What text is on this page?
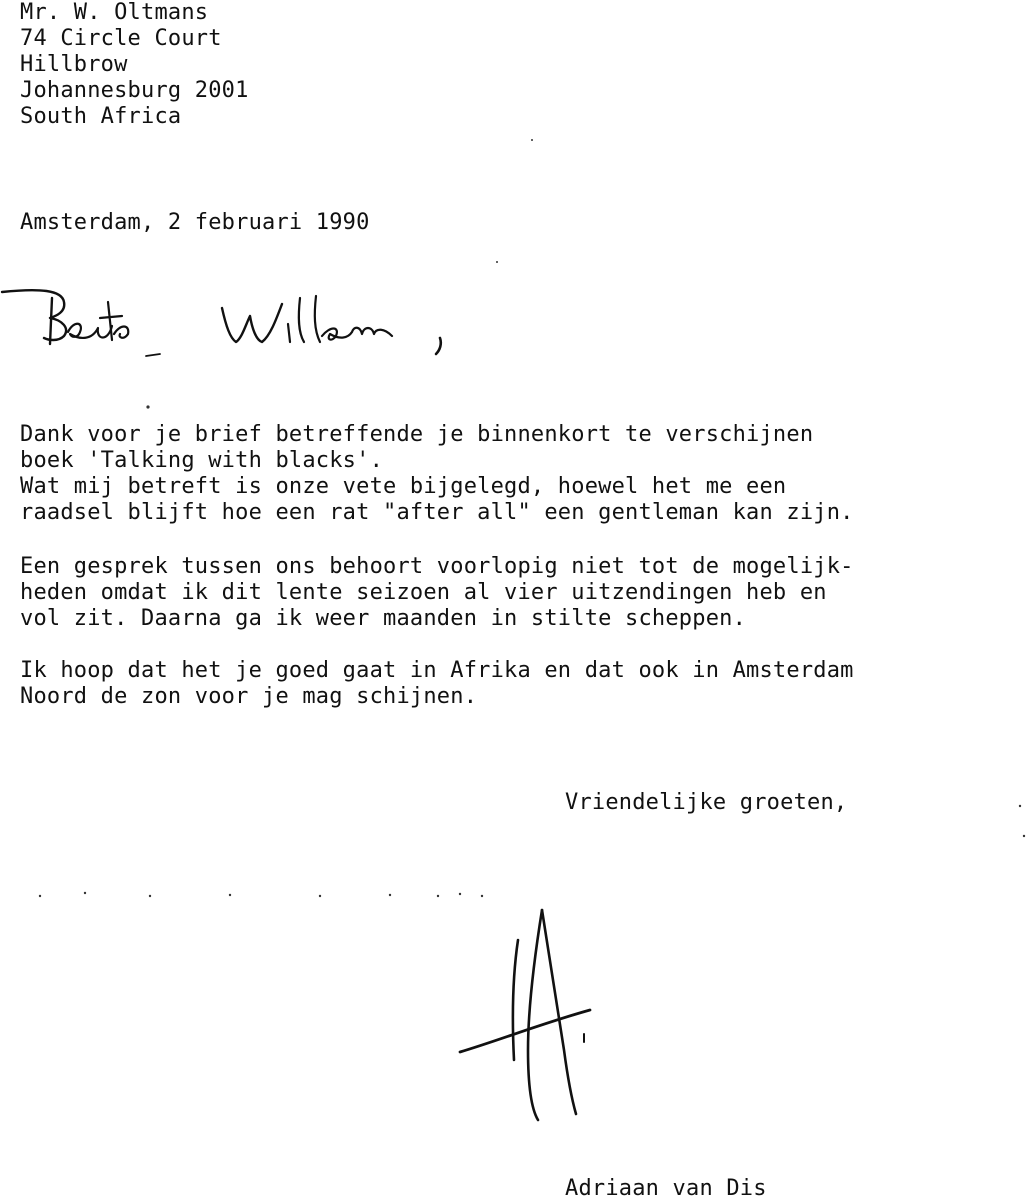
Mr. W. Oltmans
74 Circle Court
Hillbrow
Johannesburg 2001
South Africa
Amsterdam, 2 februari 1990
Dank voor je brief betreffende je binnenkort te verschijnen
boek 'Talking with blacks'.
Wat mij betreft is onze vete bijgelegd, hoewel het me een
raadsel blijft hoe een rat "after all" een gentleman kan zijn.
Een gesprek tussen ons behoort voorlopig niet tot de mogelijk-
heden omdat ik dit lente seizoen al vier uitzendingen heb en
vol zit. Daarna ga ik weer maanden in stilte scheppen.
Ik hoop dat het je goed gaat in Afrika en dat ook in Amsterdam
Noord de zon voor je mag schijnen.
Vriendelijke groeten,
Adriaan van Dis
